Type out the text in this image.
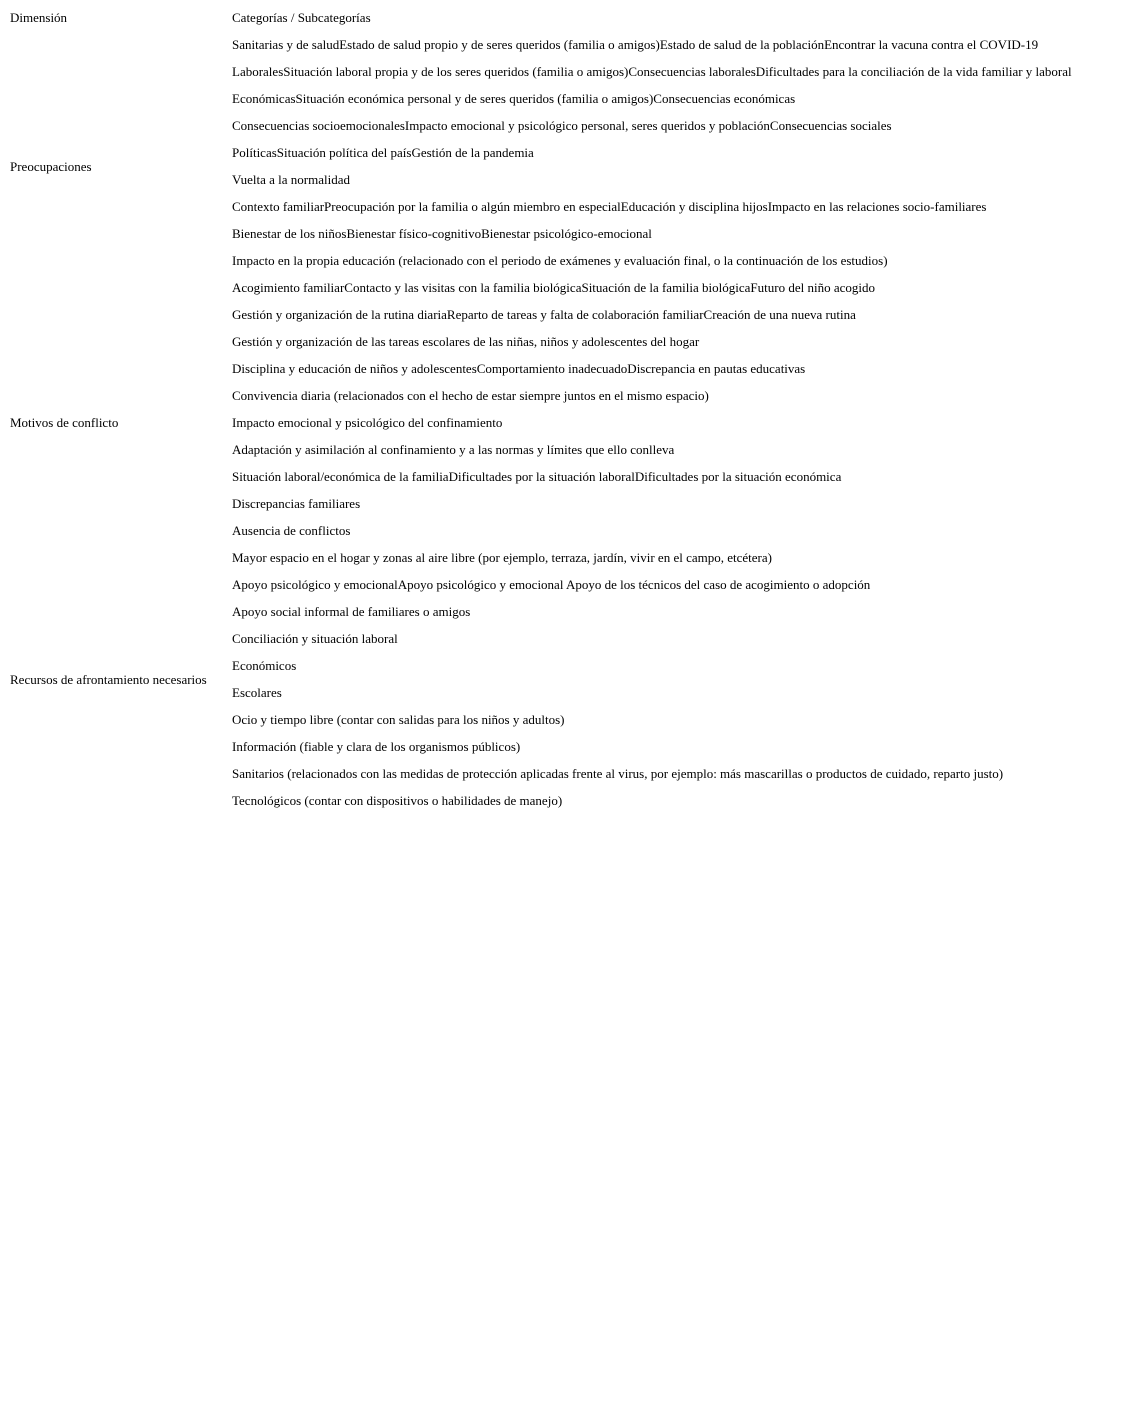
Dimensión	Categorías / Subcategorías
Preocupaciones	Sanitarias y de saludEstado de salud propio y de seres queridos (familia o amigos)Estado de salud de la poblaciónEncontrar la vacuna contra el COVID-19
	LaboralesSituación laboral propia y de los seres queridos (familia o amigos)Consecuencias laboralesDificultades para la conciliación de la vida familiar y laboral
	EconómicasSituación económica personal y de seres queridos (familia o amigos)Consecuencias económicas
	Consecuencias socioemocionalesImpacto emocional y psicológico personal, seres queridos y poblaciónConsecuencias sociales
	PolíticasSituación política del paísGestión de la pandemia
	Vuelta a la normalidad
	Contexto familiarPreocupación por la familia o algún miembro en especialEducación y disciplina hijosImpacto en las relaciones socio-familiares
	Bienestar de los niñosBienestar físico-cognitivoBienestar psicológico-emocional
	Impacto en la propia educación (relacionado con el periodo de exámenes y evaluación final, o la continuación de los estudios)
	Acogimiento familiarContacto y las visitas con la familia biológicaSituación de la familia biológicaFuturo del niño acogido
Motivos de conflicto	Gestión y organización de la rutina diariaReparto de tareas y falta de colaboración familiarCreación de una nueva rutina
	Gestión y organización de las tareas escolares de las niñas, niños y adolescentes del hogar
	Disciplina y educación de niños y adolescentesComportamiento inadecuadoDiscrepancia en pautas educativas
	Convivencia diaria (relacionados con el hecho de estar siempre juntos en el mismo espacio)
	Impacto emocional y psicológico del confinamiento
	Adaptación y asimilación al confinamiento y a las normas y límites que ello conlleva
	Situación laboral/económica de la familiaDificultades por la situación laboralDificultades por la situación económica
	Discrepancias familiares
	Ausencia de conflictos
Recursos de afrontamiento necesarios	Mayor espacio en el hogar y zonas al aire libre (por ejemplo, terraza, jardín, vivir en el campo, etcétera)
	Apoyo psicológico y emocionalApoyo psicológico y emocional Apoyo de los técnicos del caso de acogimiento o adopción
	Apoyo social informal de familiares o amigos
	Conciliación y situación laboral
	Económicos
	Escolares
	Ocio y tiempo libre (contar con salidas para los niños y adultos)
	Información (fiable y clara de los organismos públicos)
	Sanitarios (relacionados con las medidas de protección aplicadas frente al virus, por ejemplo: más mascarillas o productos de cuidado, reparto justo)
	Tecnológicos (contar con dispositivos o habilidades de manejo)
